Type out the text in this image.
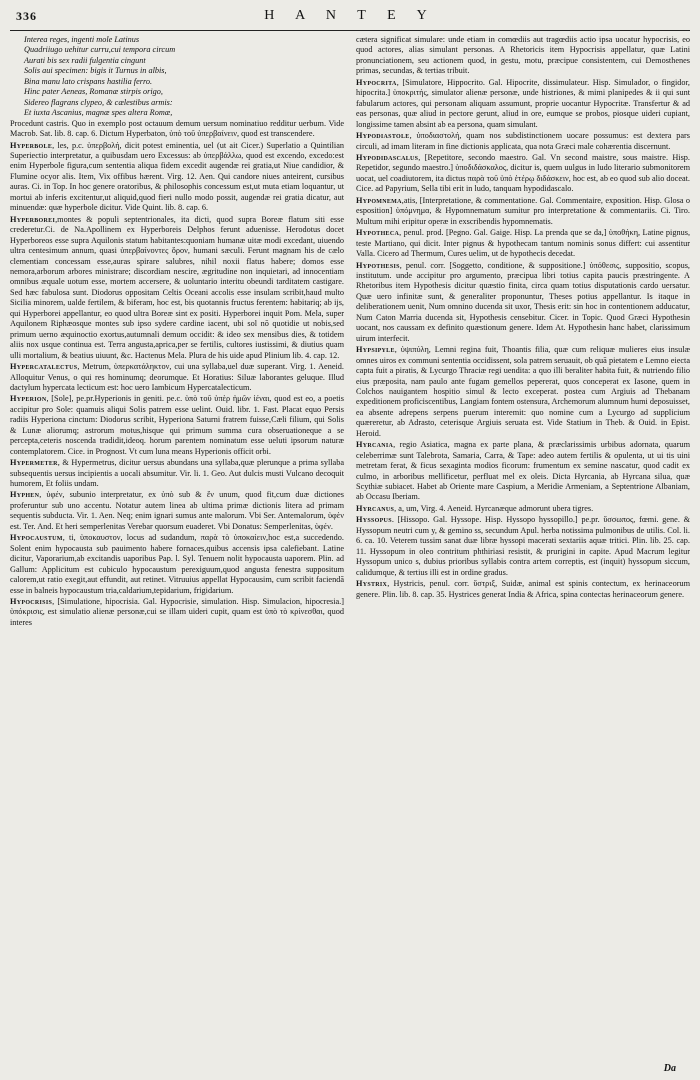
336	H A N T E Y

Interea reges, ingenti mole Latinus

Quadriiugo uehitur curru,cui tempora circum

Aurati bis sex radii fulgentia cingunt

Solis aui specimen: bigis it Turnus in albis,

Bina manu lato crispans hastilia ferro.

Hinc pater Aeneas, Romanæ stirpis origo,

Sidereo flagrans clypeo, & cælestibus armis:

Et iuxta Ascanius, magnæ spes altera Romæ,

Procedunt castris. Quo in exemplo post octauum demum uersum nominatiuo redditur uerbum. Vide Macrob. Sat. lib. 8. cap. 6. Dictum Hyperbaton, ὑπὸ τοῦ ὑπερβαίνειν, quod est transcendere.

Hyperbole, les, p.c. ὑπερβολή, dicit potest eminentia, uel (ut ait Cicer.) Superlatio a Quintilian Superiectio interpretatur, a quibusdam uero Excessus: ab ὑπερβάλλω, quod est excendo, excedo:est enim Hyperbole figura,cum sententia aliqua fidem excedit augendæ rei gratia,ut Niue candidior, & Flumine ocyor alis. Item, Vix offibus hærent. Virg. 12. Aen. Qui candore niues anteirent, cursibus auras. Ci. in Top. In hoc genere oratoribus, & philosophis concessum est,ut muta etiam loquantur, ut mortui ab inferis excitentur,ut aliquid,quod fieri nullo modo possit, augendæ rei gratia dicatur, aut minuendæ: quæ hyperbole dicitur. Vide Quint. lib. 8. cap. 6.

Hyperborei,montes & populi septentrionales, ita dicti, quod supra Boreæ flatum siti esse crederetur.Ci. de Na.Apollinem ex Hyperboreis Delphos ferunt aduenisse. Herodotus docet Hyperboreos esse supra Aquilonis statum habitantes:quoniam humanæ uitæ modi excedant, uiuendo ultra centesimum annum, quasi ὑπερβαίνοντες ὅρον, humani sæculi. Ferunt magnam his de cælo clementiam concessam esse,auras spirare salubres, nihil noxii flatus habere; domos esse nemora,arborum arbores ministrare; discordiam nescire, ægritudine non inquietari, ad innocentiam omnibus æquale uotum esse, mortem accersere, & uoluntario interitu obeundi tarditatem castigare. Sed hæc fabulosa sunt. Diodorus oppositam Celtis Oceani accolis esse insulam scribit,haud multo Sicilia minorem, ualde fertilem, & biferam, hoc est, bis quotannis fructus ferentem: habitariq; ab ijs, qui Hyperborei appellantur, eo quod ultra Boreæ sint ex positi. Hyperborei inquit Pom. Mela, super Aquilonem Riphæosque montes sub ipso sydere cardine iacent, ubi sol nō quotidie ut nobis,sed primum uerno æquinoctio exortus,autumnali demum occidit: & ideo sex mensibus dies, & totidem aliis nox usque continua est. Terra angusta,aprica,per se fertilis, cultores iustissimi, & diutius quam ulli mortalium, & beatius uiuunt, &c. Hactenus Mela. Plura de his uide apud Plinium lib. 4. cap. 12.

Hypercatalectus, Metrum, ὑπερκατάληκτον, cui una syllaba,uel duæ superant. Virg. 1. Aeneid. Alloquitur Venus, o qui res hominumq; deorumque. Et Horatius: Siluæ laborantes geluque. Illud dactylum hypercata lecticum est: hoc uero Iambicum Hypercatalecticum.

Hyperion, [Sole], pe.pr.Hyperionis in geniti. pe.c. ὑπὸ τοῦ ὑπὲρ ἡμῶν ἰέναι, quod est eo, a poetis accipitur pro Sole: quamuis aliqui Solis patrem esse uelint. Ouid. libr. 1. Fast. Placat equo Persis radiis Hyperiona cinctum: Diodorus scribit, Hyperiona Saturni fratrem fuisse,Cæli filium, qui Solis & Lunæ aliorumq; astrorum motus,hisque qui primum summa cura obseruationeque a se percepta,ceteris noscenda tradidit,ideoq. horum parentem nominatum esse ueluti ipsorum naturæ contemplatorem. Cice. in Prognost. Vt cum luna means Hyperionis officit orbi.

Hypermeter, & Hypermetrus, dicitur uersus abundans una syllaba,quæ plerunque a prima syllaba subsequentis uersus incipientis a uocali absumitur. Vir. li. 1. Geo. Aut dulcis musti Vulcano decoquit humorem, Et foliis undam.

Hyphen, ὑφέν, subunio interpretatur, ex ὑπὸ sub & ἕν unum, quod fit,cum duæ dictiones proferuntur sub uno accentu. Notatur autem linea ab ultima primæ dictionis litera ad primam sequentis subducta. Vir. 1. Aen. Neq; enim ignari sumus ante malorum. Vbi Ser. Antemalorum, ὑφὲν est. Ter. And. Et heri semperlenitas Verebar quorsum euaderet. Vbi Donatus: Semperlenitas, ὑφέν.

Hypocaustum, ti, ὑποκαυστον, locus ad sudandum, παρὰ τὸ ὑποκαίειν,hoc est,a succedendo. Solent enim hypocausta sub pauimento habere fornaces,quibus accensis ipsa calefiebant. Latine dicitur, Vaporarium,ab excitandis uaporibus Pap. l. Syl. Tenuem nolit hypocausta uaporem. Plin. ad Gallum: Applicitum est cubiculo hypocaustum perexiguum,quod angusta fenestra suppositum calorem,ut ratio exegit,aut effundit, aut retinet. Vitruuius appellat Hypocausim, cum scribit faciendā esse in balneis hypocaustum tria,caldarium,tepidarium, frigidarium.

Hypocrisis, [Simulatione, hipocrisia. Gal. Hypocrisie, simulation. Hisp. Simulacion, hipocresia.] ὑπόκρισις, est simulatio alienæ personæ,cui se illam uideri cupit, quam est ὑπὸ τὸ κρίνεσθαι, quod interes

cætera significat simulare: unde etiam in comœdiis aut tragœdiis actio ipsa uocatur hypocrisis, eo quod actores, alias simulant personas. A Rhetoricis item Hypocrisis appellatur, quæ Latini pronunciationem, seu actionem quod, in gestu, motu, præcipue consistentem, cui Demosthenes primas, secundas, & tertias tribuit.

Hypocrita, [Simulatore, Hippocrito. Gal. Hipocrite, dissimulateur. Hisp. Simulador, o fingidor, hipocrita.] ὑποκριτής, simulator alienæ personæ, unde histriones, & mimi planipedes & ii qui sunt fabularum actores, qui personam aliquam assumunt, proprie uocantur Hypocritæ. Transfertur & ad eas personas, quæ aliud in pectore gerunt, aliud in ore, eumque se probos, piosque uideri cupiant, longissime tamen absint ab ea persona, quam simulant.

Hypodiastole, ὑποδιαστολή, quam nos subdistinctionem uocare possumus: est dextera pars circuli, ad imam literam in fine dictionis applicata, qua nota Græci male cohærentia discernunt.

Hypodidascalus, [Repetitore, secondo maestro. Gal. Vn second maistre, sous maistre. Hisp. Repetidor, segundo maestro.] ὑποδιδάσκαλος, dicitur is, quem uulgus in ludo literario submonitorem uocat, uel coadiutorem, ita dictus παρὰ τοῦ ὑπὸ ἑτέρῳ διδάσκειν, hoc est, ab eo quod sub alio doceat. Cice. ad Papyrium, Sella tibi erit in ludo, tanquam hypodidascalo.

Hypomnema,atis, [Interpretatione, & commentatione. Gal. Commentaire, exposition. Hisp. Glosa o esposition] ὑπόμνημα, & Hypomnematum sumitur pro interpretatione & commentariis. Ci. Tiro. Multum mihi eripitur operæ in exscribendis hypomnematis.

Hypotheca, penul. prod. [Pegno. Gal. Gaige. Hisp. La prenda que se da,] ὑποθήκη, Latine pignus, teste Martiano, qui dicit. Inter pignus & hypothecam tantum nominis sonus differt: cui assentitur Valla. Cicero ad Thermum, Cures uelim, ut de hypothecis decedat.

Hypothesis, penul. corr. [Soggetto, conditione, & suppositione.] ὑπόθεσις, suppositio, scopus, institutum. unde accipitur pro argumento, præcipua libri totius capita paucis præstringente. A Rhetoribus item Hypothesis dicitur quæstio finita, circa quam totius disputationis cardo uersatur. Quæ uero infinitæ sunt, & generaliter proponuntur, Theses potius appellantur. Is itaque in deliberationem uenit, Num omnino ducenda sit uxor, Thesis erit: sin hoc in contentionem adducatur, Num Caton Marria ducenda sit, Hypothesis censebitur. Cicer. in Topic. Quod Græci Hypothesin uocant, nos caussam ex definito quæstionum genere. Idem At. Hypothesin hanc habet, clarissimum uirum interfecit.

Hypsipyle, ὑψιπύλη, Lemni regina fuit, Thoantis filia, quæ cum reliquæ mulieres eius insulæ omnes uiros ex communi sententia occidissent, sola patrem seruauit, ob quā pietatem e Lemno eiecta capta fuit a piratis, & Lycurgo Thraciæ regi uendita: a quo illi beraliter habita fuit, & nutriendo filio eius præposita, nam paulo ante fugam gemellos pepererat, quos conceperat ex Iasone, quem in Colchos nauigantem hospitio simul & lecto exceperat. postea cum Argiuis ad Thebanam expeditionem proficiscentibus, Langiam fontem ostensura, Archemorum alumnum humi deposuisset, ea absente adrepens serpens puerum interemit: quo nomine cum a Lycurgo ad supplicium quæreretur, ab Adrasto, ceterisque Argiuis seruata est. Vide Statium in Theb. & Ouid. in Epist. Heroid.

Hyrcania, regio Asiatica, magna ex parte plana, & præclarissimis urbibus adornata, quarum celeberrimæ sunt Talebrota, Samaria, Carra, & Tape: adeo autem fertilis & opulenta, ut ui tis uini metretam ferat, & ficus sexaginta modios ficorum: frumentum ex semine nascatur, quod cadit ex culmo, in arboribus mellificetur, perfluat mel ex oleis. Dicta Hyrcania, ab Hyrcana silua, quæ Scythiæ subiacet. Habet ab Oriente mare Caspium, a Meridie Armeniam, a Septentrione Albaniam, ab Occasu Iberiam.

Hyrcanus, a, um, Virg. 4. Aeneid. Hyrcanæque admorunt ubera tigres.

Hyssopus. [Hissopo. Gal. Hyssope. Hisp. Hyssopo hyssopillo.] pe.pr. ὕσσωπος, fœmi. gene. & Hyssopum neutri cum y, & gemino ss, secundum Apul. herba notissima pulmonibus de utilis. Col. li. 6. ca. 10. Veterem tussim sanat duæ libræ hyssopi macerati sextariis aquæ tritici. Plin. lib. 25. cap. 11. Hyssopum in oleo contritum phthiriasi resistit, & prurigini in capite. Apud Macrum legitur Hyssopum unico s, dubius prioribus syllabis contra artem correptis, est (inquit) hyssopum siccum, calidumque, & tertius illi est in ordine gradus.

Hystrix, Hystricis, penul. corr. ὕστριξ, Suidæ, animal est spinis contectum, ex herinaceorum genere. Plin. lib. 8. cap. 35. Hystrices generat India & Africa, spina contectas herinaceorum genere.

Da
